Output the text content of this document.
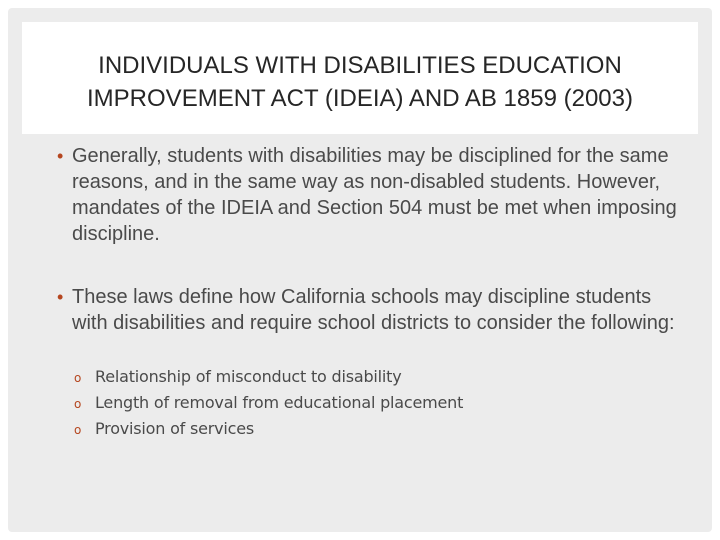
INDIVIDUALS WITH DISABILITIES EDUCATION
IMPROVEMENT ACT (IDEIA) AND AB 1859 (2003)
• Generally, students with disabilities may be disciplined for the same reasons, and in the same way as non-disabled students. However, mandates of the IDEIA and Section 504 must be met when imposing discipline.
• These laws define how California schools may discipline students with disabilities and require school districts to consider the following:
o Relationship of misconduct to disability
o Length of removal from educational placement
o Provision of services
